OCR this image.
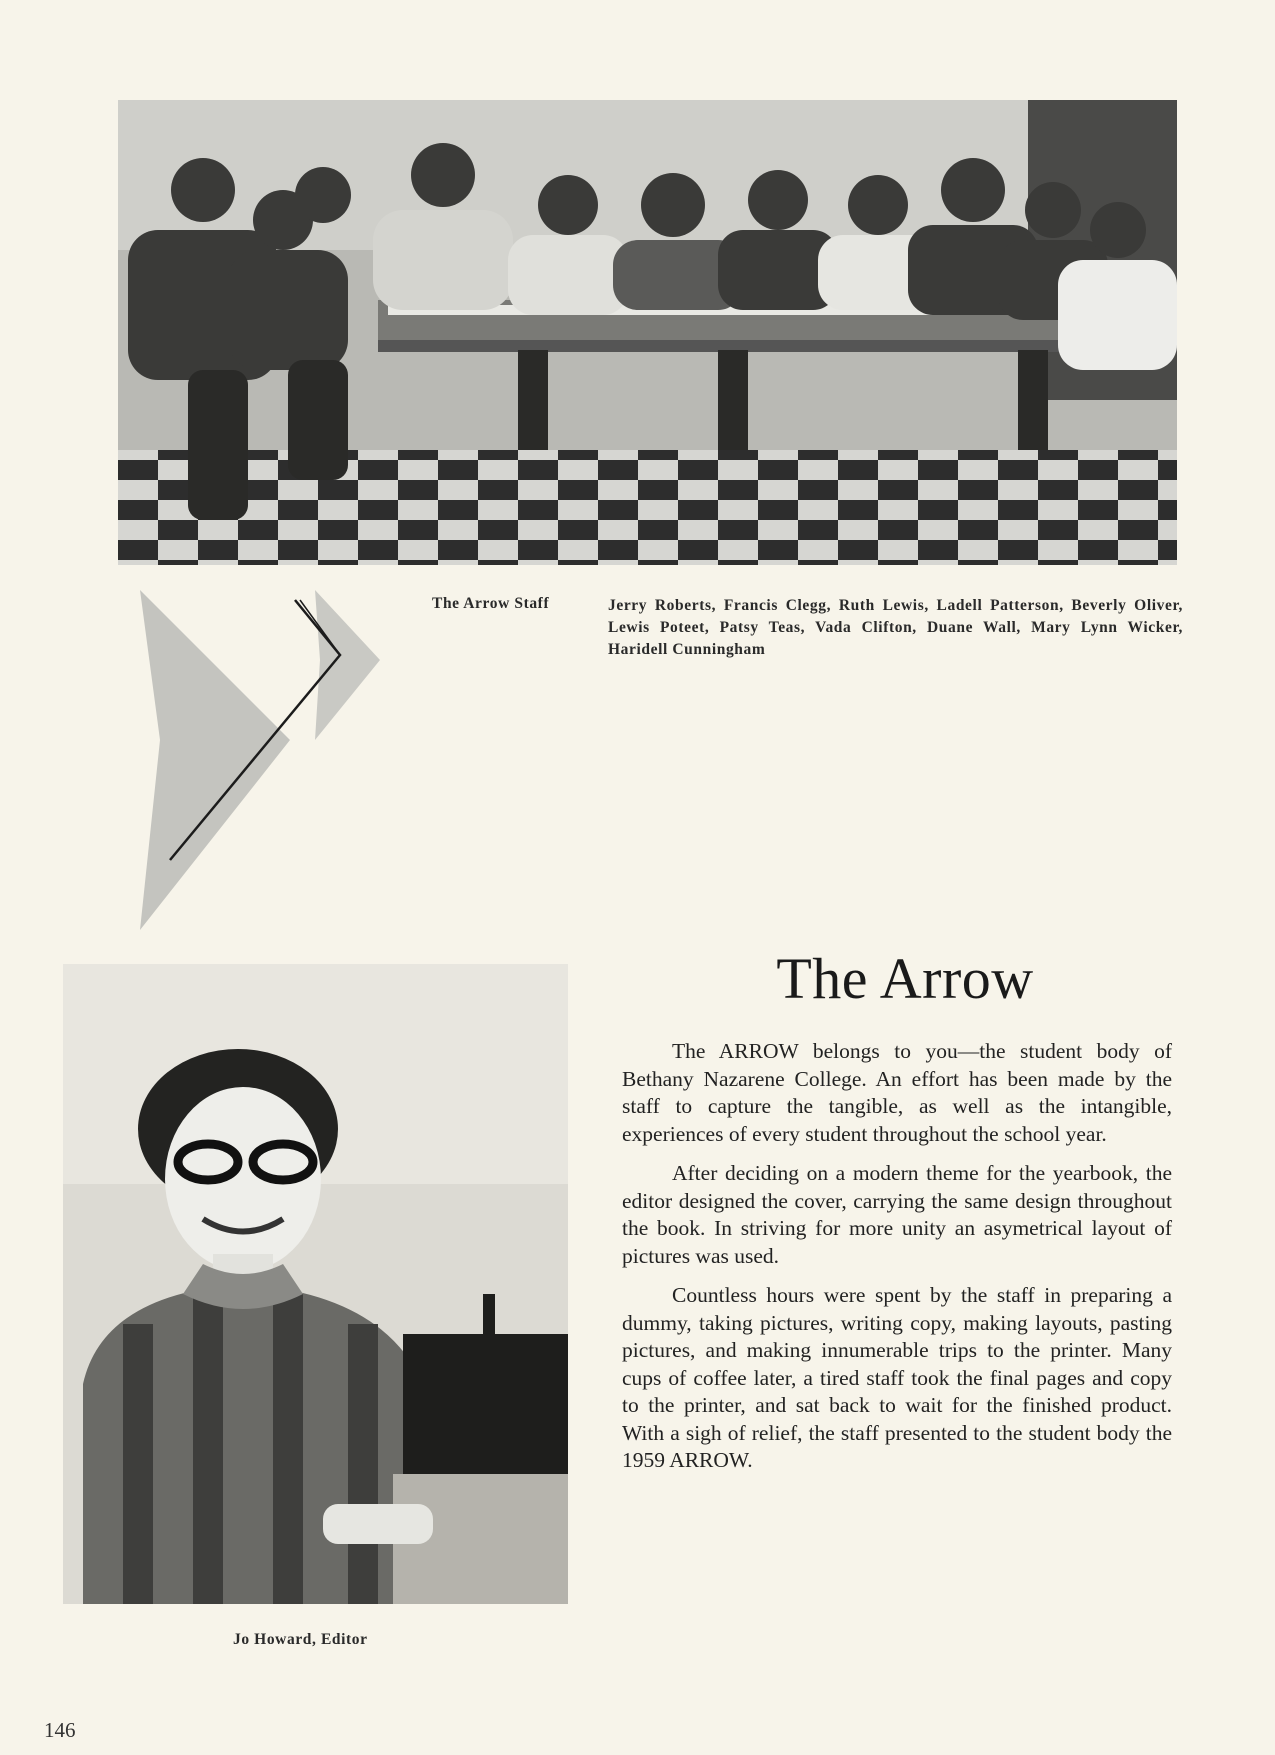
The Arrow Staff	Jerry Roberts, Francis Clegg, Ruth Lewis, Ladell Patterson, Beverly Oliver, Lewis Poteet, Patsy Teas, Vada Clifton, Duane Wall, Mary Lynn Wicker, Haridell Cunningham
Jo Howard, Editor
The Arrow

The ARROW belongs to you—the student body of Bethany Nazarene College. An effort has been made by the staff to capture the tangible, as well as the intangible, experiences of every student throughout the school year.

After deciding on a modern theme for the yearbook, the editor designed the cover, carrying the same design throughout the book. In striving for more unity an asymetrical layout of pictures was used.

Countless hours were spent by the staff in preparing a dummy, taking pictures, writing copy, making layouts, pasting pictures, and making innumerable trips to the printer. Many cups of coffee later, a tired staff took the final pages and copy to the printer, and sat back to wait for the finished product. With a sigh of relief, the staff presented to the student body the 1959 ARROW.

146
